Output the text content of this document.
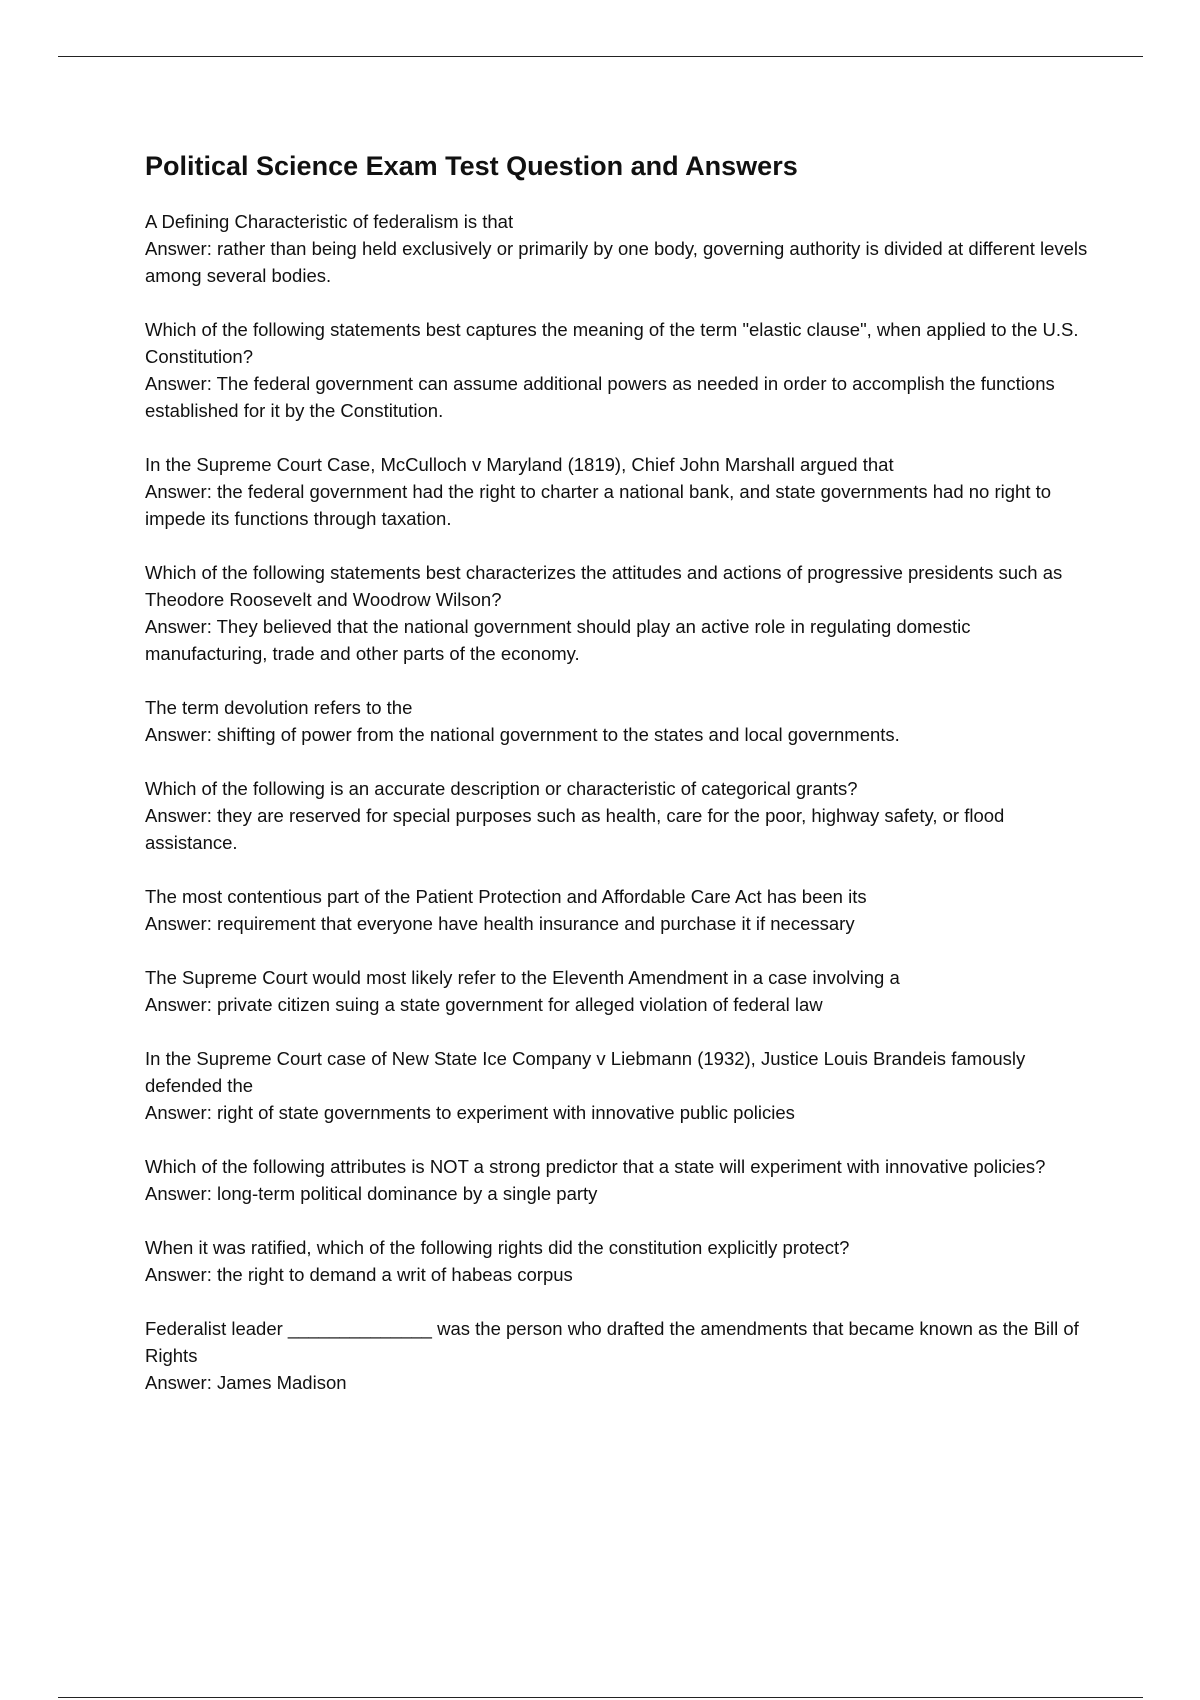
Political Science Exam Test Question and Answers

A Defining Characteristic of federalism is that

Answer: rather than being held exclusively or primarily by one body, governing authority is divided at different levels among several bodies.

Which of the following statements best captures the meaning of the term "elastic clause", when applied to the U.S. Constitution?

Answer: The federal government can assume additional powers as needed in order to accomplish the functions established for it by the Constitution.

In the Supreme Court Case, McCulloch v Maryland (1819), Chief John Marshall argued that

Answer: the federal government had the right to charter a national bank, and state governments had no right to impede its functions through taxation.

Which of the following statements best characterizes the attitudes and actions of progressive presidents such as Theodore Roosevelt and Woodrow Wilson?

Answer: They believed that the national government should play an active role in regulating domestic manufacturing, trade and other parts of the economy.

The term devolution refers to the

Answer: shifting of power from the national government to the states and local governments.

Which of the following is an accurate description or characteristic of categorical grants?

Answer: they are reserved for special purposes such as health, care for the poor, highway safety, or flood assistance.

The most contentious part of the Patient Protection and Affordable Care Act has been its

Answer: requirement that everyone have health insurance and purchase it if necessary

The Supreme Court would most likely refer to the Eleventh Amendment in a case involving a

Answer: private citizen suing a state government for alleged violation of federal law

In the Supreme Court case of New State Ice Company v Liebmann (1932), Justice Louis Brandeis famously defended the

Answer: right of state governments to experiment with innovative public policies

Which of the following attributes is NOT a strong predictor that a state will experiment with innovative policies?

Answer: long-term political dominance by a single party

When it was ratified, which of the following rights did the constitution explicitly protect?

Answer: the right to demand a writ of habeas corpus

Federalist leader ______________ was the person who drafted the amendments that became known as the Bill of Rights

Answer: James Madison
